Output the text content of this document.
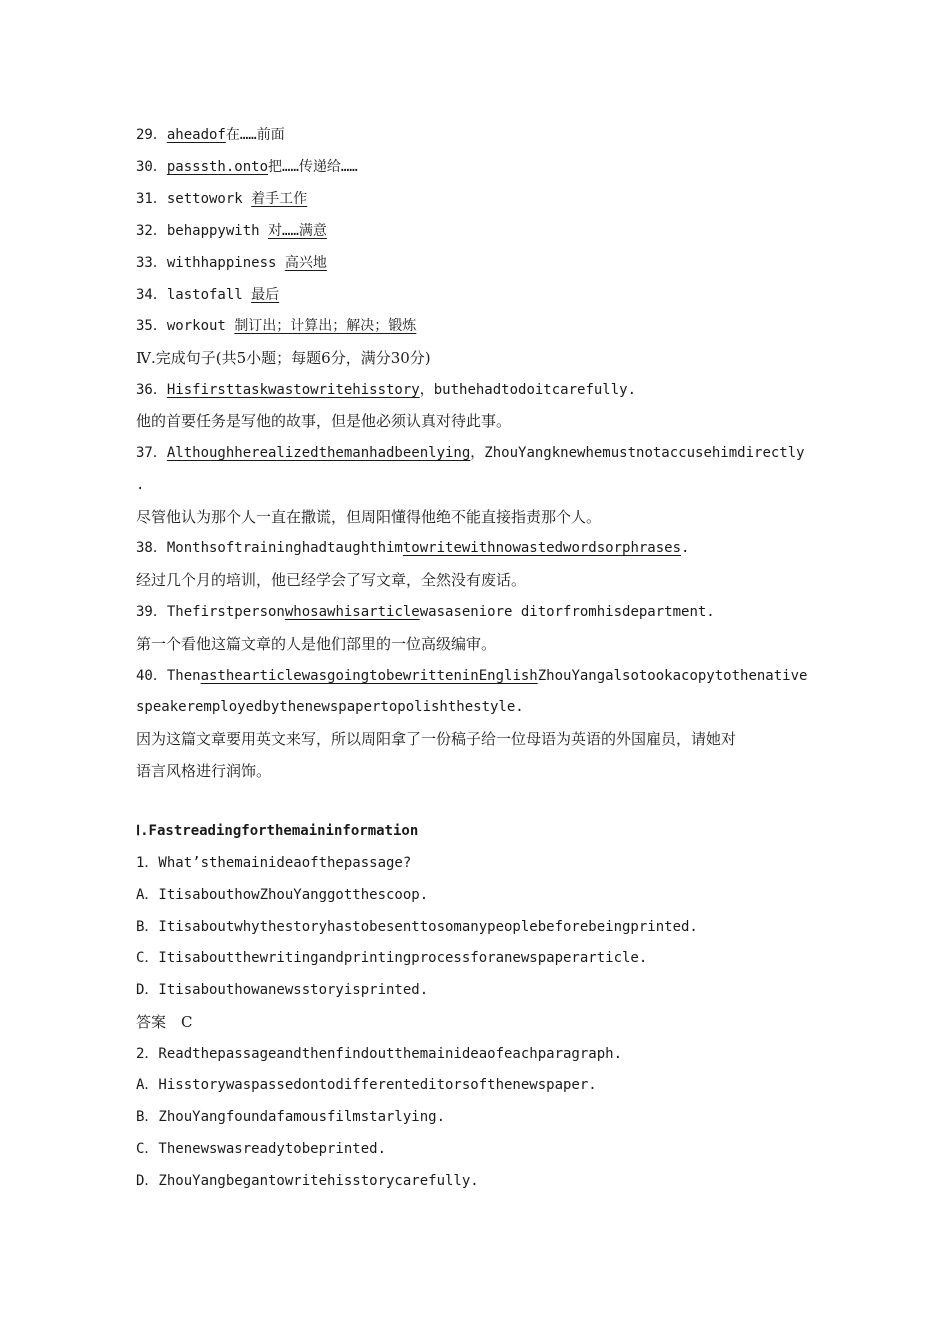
29．aheadof在……前面
30．passsth.onto把……传递给……
31．settowork 着手工作
32．behappywith 对……满意
33．withhappiness 高兴地
34．lastofall 最后
35．workout 制订出；计算出；解决；锻炼
Ⅳ.完成句子(共5小题；每题6分，满分30分)
36．Hisfirsttaskwastowritehisstory，buthehadtodoitcarefully.
他的首要任务是写他的故事，但是他必须认真对待此事。
37．Althoughherealizedthemanhadbeenlying，ZhouYangknewhemustnotaccusehimdirectly
.
尽管他认为那个人一直在撒谎，但周阳懂得他绝不能直接指责那个人。
38．Monthsoftraininghadtaughthimtowritewithnowastedwordsorphrases.
经过几个月的培训，他已经学会了写文章，全然没有废话。
39．Thefirstpersonwhosawhisarticlewasaseniore ditorfromhisdepartment.
第一个看他这篇文章的人是他们部里的一位高级编审。
40．ThenasthearticlewasgoingtobewritteninEnglishZhouYangalsotookacopytothenative
speakeremployedbythenewspapertopolishthestyle.
因为这篇文章要用英文来写，所以周阳拿了一份稿子给一位母语为英语的外国雇员，请她对
语言风格进行润饰。
Ⅰ.Fastreadingforthemaininformation
1．What’sthemainideaofthepassage?
A．ItisabouthowZhouYanggotthescoop.
B．Itisaboutwhythestoryhastobesenttosomanypeoplebeforebeingprinted.
C．Itisaboutthewritingandprintingprocessforanewspaperarticle.
D．Itisabouthowanewsstoryisprinted.
答案　C
2．Readthepassageandthenfindoutthemainideaofeachparagraph.
A．Hisstorywaspassedontodifferenteditorsofthenewspaper.
B．ZhouYangfoundafamousfilmstarlying.
C．Thenewswasreadytobeprinted.
D．ZhouYangbegantowritehisstorycarefully.
